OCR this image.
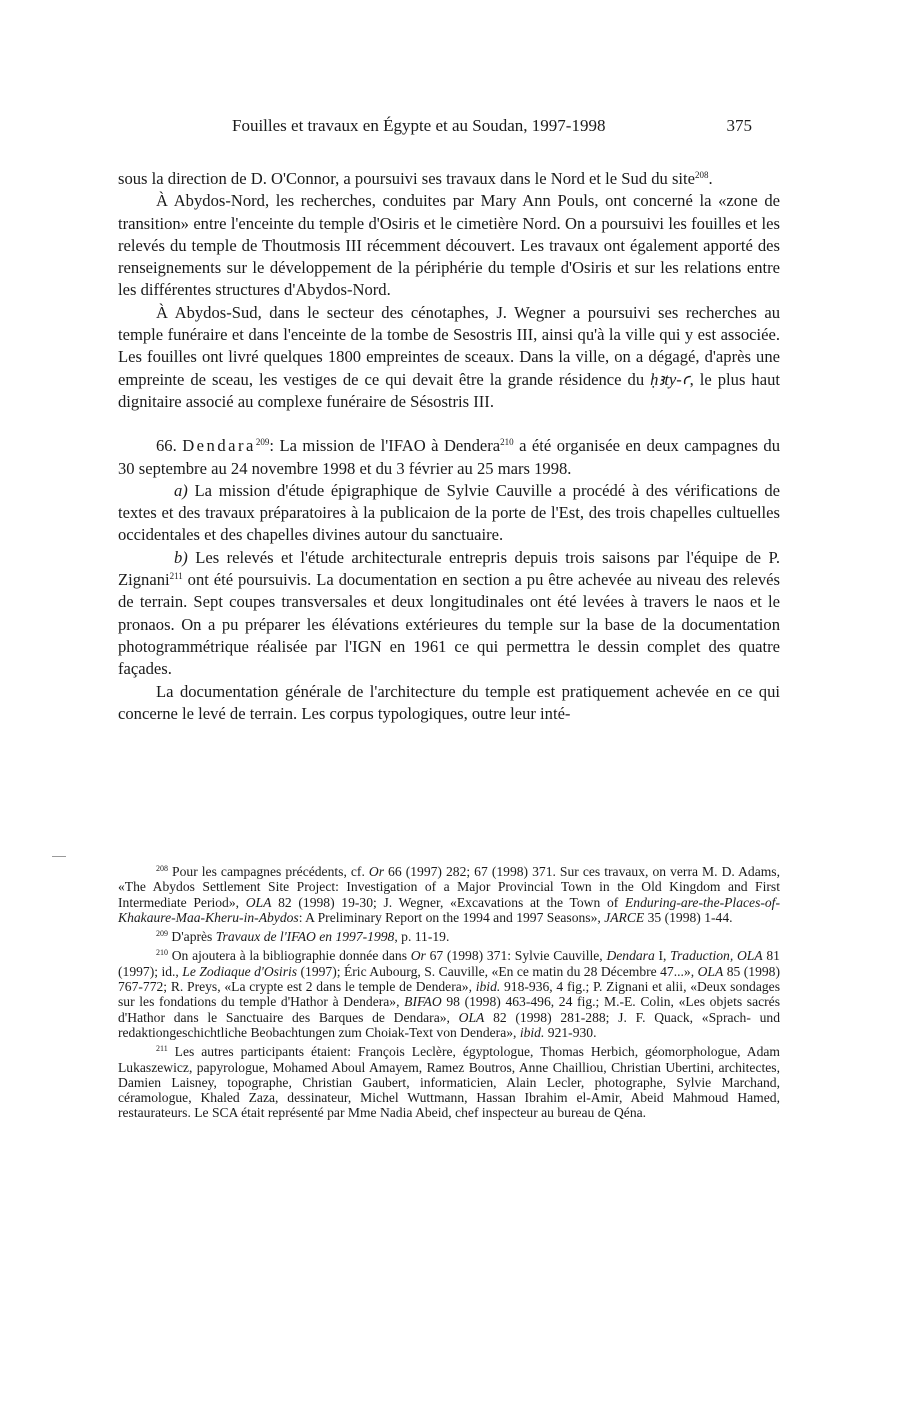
Fouilles et travaux en Égypte et au Soudan, 1997-1998	375

sous la direction de D. O'Connor, a poursuivi ses travaux dans le Nord et le Sud du site$^{208}$.

À Abydos-Nord, les recherches, conduites par Mary Ann Pouls, ont concerné la «zone de transition» entre l'enceinte du temple d'Osiris et le cimetière Nord. On a poursuivi les fouilles et les relevés du temple de Thoutmosis III récemment découvert. Les travaux ont également apporté des renseignements sur le développement de la périphérie du temple d'Osiris et sur les relations entre les différentes structures d'Abydos-Nord.

À Abydos-Sud, dans le secteur des cénotaphes, J. Wegner a poursuivi ses recherches au temple funéraire et dans l'enceinte de la tombe de Sesostris III, ainsi qu'à la ville qui y est associée. Les fouilles ont livré quelques 1800 empreintes de sceaux. Dans la ville, on a dégagé, d'après une empreinte de sceau, les vestiges de ce qui devait être la grande résidence du ḥꜣty-ꜥ, le plus haut dignitaire associé au complexe funéraire de Sésostris III.

66. Dendara$^{209}$: La mission de l'IFAO à Dendera$^{210}$ a été organisée en deux campagnes du 30 septembre au 24 novembre 1998 et du 3 février au 25 mars 1998.

a) La mission d'étude épigraphique de Sylvie Cauville a procédé à des vérifications de textes et des travaux préparatoires à la publicaion de la porte de l'Est, des trois chapelles cultuelles occidentales et des chapelles divines autour du sanctuaire.

b) Les relevés et l'étude architecturale entrepris depuis trois saisons par l'équipe de P. Zignani$^{211}$ ont été poursuivis. La documentation en section a pu être achevée au niveau des relevés de terrain. Sept coupes transversales et deux longitudinales ont été levées à travers le naos et le pronaos. On a pu préparer les élévations extérieures du temple sur la base de la documentation photogrammétrique réalisée par l'IGN en 1961 ce qui permettra le dessin complet des quatre façades.

La documentation générale de l'architecture du temple est pratiquement achevée en ce qui concerne le levé de terrain. Les corpus typologiques, outre leur inté-

$^{208}$ Pour les campagnes précédents, cf. Or 66 (1997) 282; 67 (1998) 371. Sur ces travaux, on verra M. D. Adams, «The Abydos Settlement Site Project: Investigation of a Major Provincial Town in the Old Kingdom and First Intermediate Period», OLA 82 (1998) 19-30; J. Wegner, «Excavations at the Town of Enduring-are-the-Places-of-Khakaure-Maa-Kheru-in-Abydos: A Preliminary Report on the 1994 and 1997 Seasons», JARCE 35 (1998) 1-44.

$^{209}$ D'après Travaux de l'IFAO en 1997-1998, p. 11-19.

$^{210}$ On ajoutera à la bibliographie donnée dans Or 67 (1998) 371: Sylvie Cauville, Dendara I, Traduction, OLA 81 (1997); id., Le Zodiaque d'Osiris (1997); Éric Aubourg, S. Cauville, «En ce matin du 28 Décembre 47...», OLA 85 (1998) 767-772; R. Preys, «La crypte est 2 dans le temple de Dendera», ibid. 918-936, 4 fig.; P. Zignani et alii, «Deux sondages sur les fondations du temple d'Hathor à Dendera», BIFAO 98 (1998) 463-496, 24 fig.; M.-E. Colin, «Les objets sacrés d'Hathor dans le Sanctuaire des Barques de Dendara», OLA 82 (1998) 281-288; J. F. Quack, «Sprach- und redaktiongeschichtliche Beobachtungen zum Choiak-Text von Dendera», ibid. 921-930.

$^{211}$ Les autres participants étaient: François Leclère, égyptologue, Thomas Herbich, géomorphologue, Adam Lukaszewicz, papyrologue, Mohamed Aboul Amayem, Ramez Boutros, Anne Chailliou, Christian Ubertini, architectes, Damien Laisney, topographe, Christian Gaubert, informaticien, Alain Lecler, photographe, Sylvie Marchand, céramologue, Khaled Zaza, dessinateur, Michel Wuttmann, Hassan Ibrahim el-Amir, Abeid Mahmoud Hamed, restaurateurs. Le SCA était représenté par Mme Nadia Abeid, chef inspecteur au bureau de Qéna.
